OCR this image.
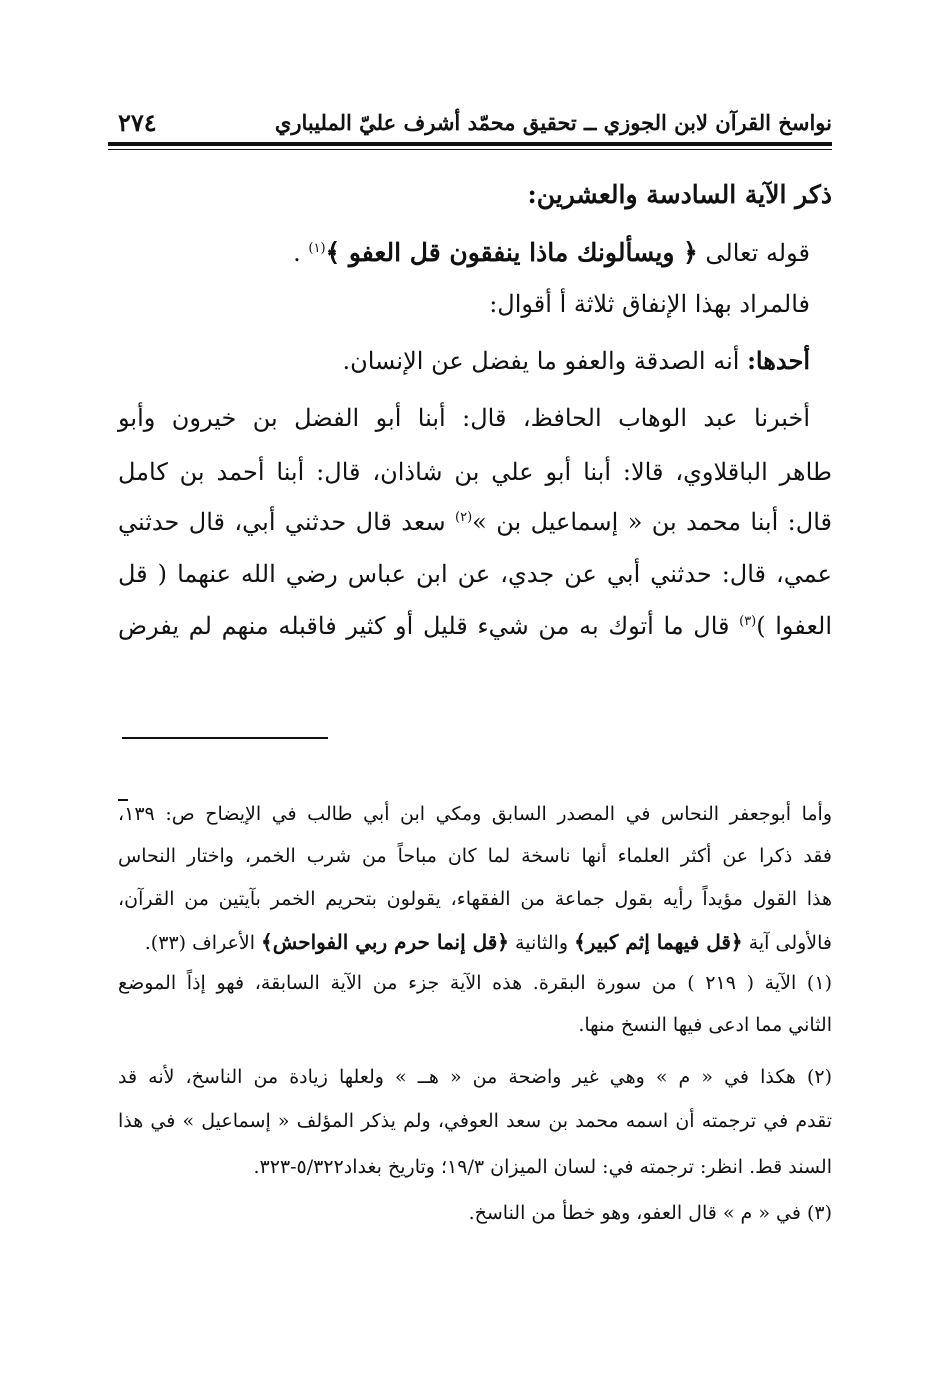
نواسخ القرآن لابن الجوزي ــ تحقيق محمّد أشرف عليّ المليباري
٢٧٤
ذكر الآية السادسة والعشرين:
قوله تعالى ﴿ ويسألونك ماذا ينفقون قل العفو ﴾$^{(١)}$ .
فالمراد بهذا الإنفاق ثلاثة أ أقوال:
أحدها: أنه الصدقة والعفو ما يفضل عن الإنسان.
أخبرنا عبد الوهاب الحافظ، قال: أبنا أبو الفضل بن خيرون وأبو
طاهر الباقلاوي، قالا: أبنا أبو علي بن شاذان، قال: أبنا أحمد بن كامل
قال: أبنا محمد بن « إسماعيل بن »$^{(٢)}$ سعد قال حدثني أبي، قال حدثني
عمي، قال: حدثني أبي عن جدي، عن ابن عباس رضي الله عنهما ( قل
العفوا )$^{(٣)}$ قال ما أتوك به من شيء قليل أو كثير فاقبله منهم لم يفرض
وأما أبوجعفر النحاس في المصدر السابق ومكي ابن أبي طالب في الإيضاح ص: ١٣٩،
فقد ذكرا عن أكثر العلماء أنها ناسخة لما كان مباحاً من شرب الخمر، واختار النحاس
هذا القول مؤيداً رأيه بقول جماعة من الفقهاء، يقولون بتحريم الخمر بآيتين من القرآن،
فالأولى آية ﴿قل فيهما إثم كبير﴾ والثانية ﴿قل إنما حرم ربي الفواحش﴾ الأعراف (٣٣).
(١) الآية ( ٢١٩ ) من سورة البقرة. هذه الآية جزء من الآية السابقة، فهو إذاً الموضع
الثاني مما ادعى فيها النسخ منها.
(٢) هكذا في « م » وهي غير واضحة من « هــ » ولعلها زيادة من الناسخ، لأنه قد
تقدم في ترجمته أن اسمه محمد بن سعد العوفي، ولم يذكر المؤلف « إسماعيل » في هذا
السند قط. انظر: ترجمته في: لسان الميزان ١٩/٣؛ وتاريخ بغداد٥/٣٢٢-٣٢٣.
(٣) في « م » قال العفو، وهو خطأ من الناسخ.
